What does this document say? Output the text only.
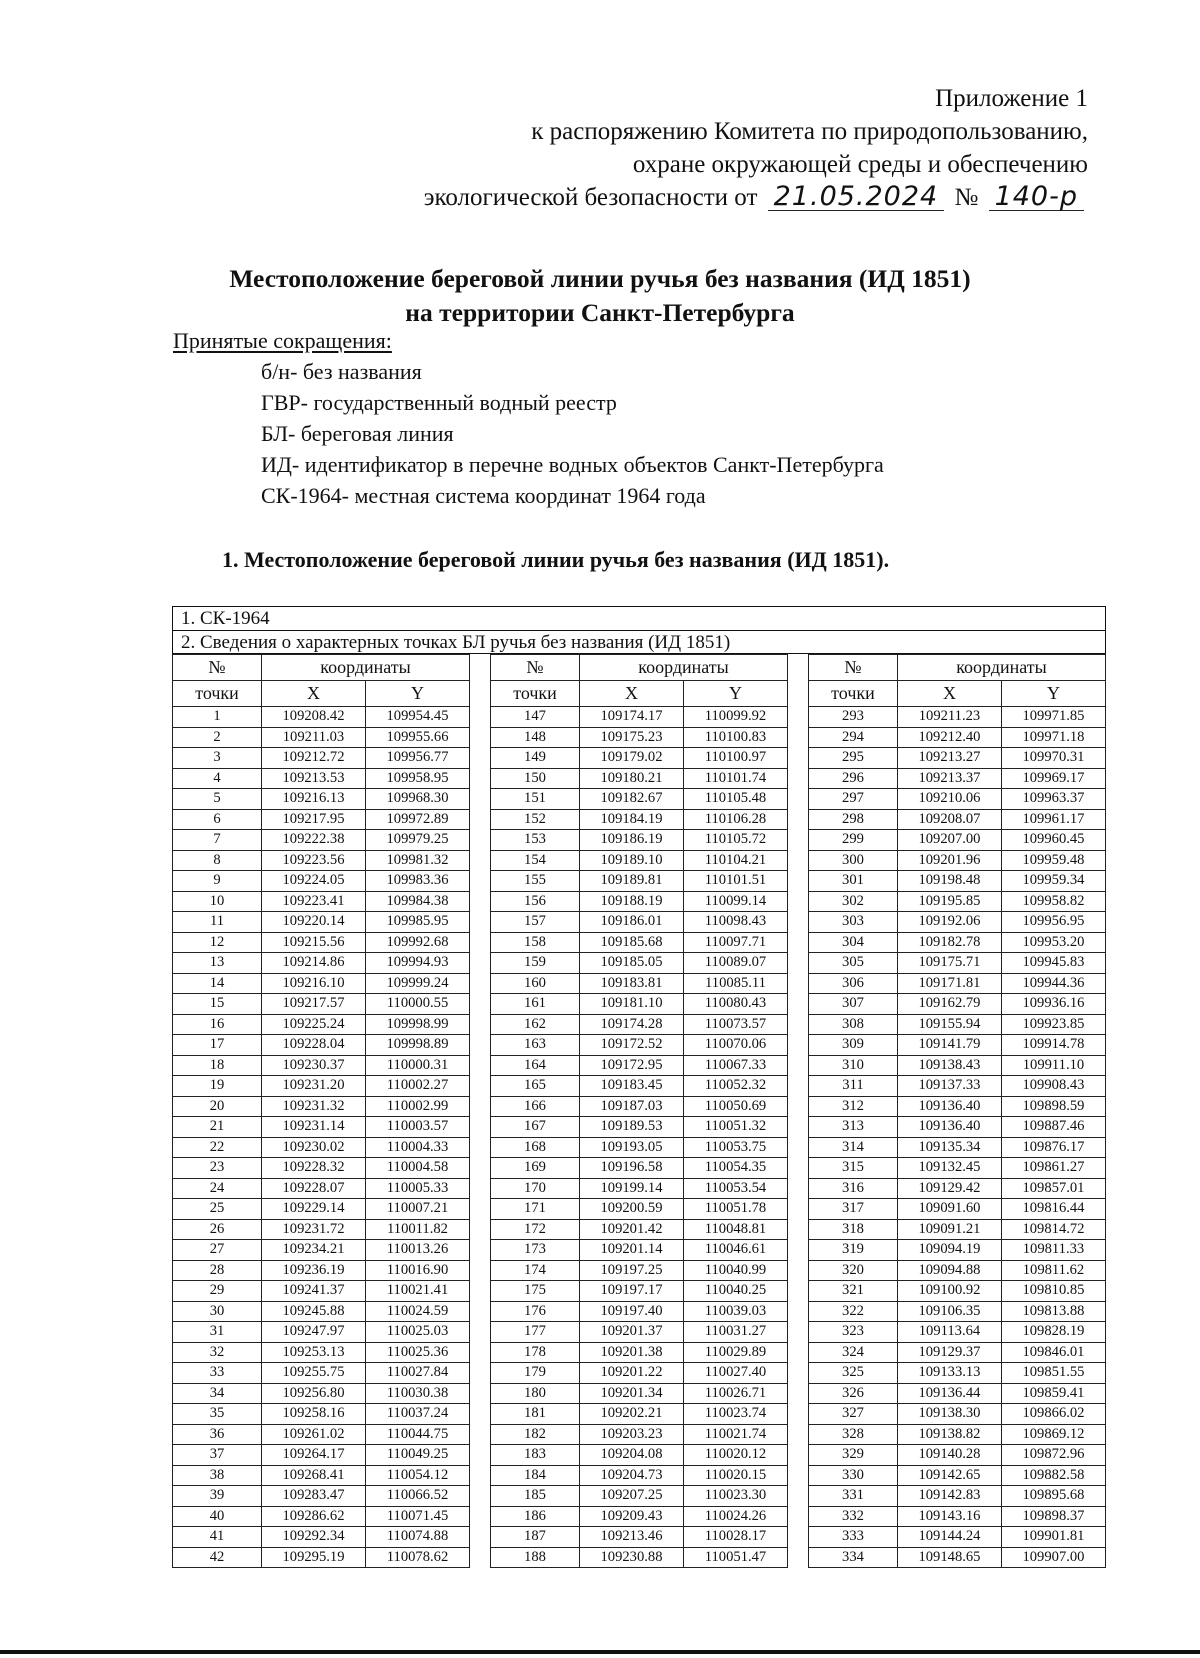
Приложение 1
к распоряжению Комитета по природопользованию,
охране окружающей среды и обеспечению
экологической безопасности от 21.05.2024 № 140-р
Местоположение береговой линии ручья без названия (ИД 1851)
на территории Санкт-Петербурга
Принятые сокращения:
б/н- без названия
ГВР- государственный водный реестр
БЛ- береговая линия
ИД- идентификатор в перечне водных объектов Санкт-Петербурга
СК-1964- местная система координат 1964 года
1. Местоположение береговой линии ручья без названия (ИД 1851).
1. СК-1964
2. Сведения о характерных точках БЛ ручья без названия (ИД 1851)
№	координаты	
точки	X	Y
1	109208.42	109954.45
2	109211.03	109955.66
3	109212.72	109956.77
4	109213.53	109958.95
5	109216.13	109968.30
6	109217.95	109972.89
7	109222.38	109979.25
8	109223.56	109981.32
9	109224.05	109983.36
10	109223.41	109984.38
11	109220.14	109985.95
12	109215.56	109992.68
13	109214.86	109994.93
14	109216.10	109999.24
15	109217.57	110000.55
16	109225.24	109998.99
17	109228.04	109998.89
18	109230.37	110000.31
19	109231.20	110002.27
20	109231.32	110002.99
21	109231.14	110003.57
22	109230.02	110004.33
23	109228.32	110004.58
24	109228.07	110005.33
25	109229.14	110007.21
26	109231.72	110011.82
27	109234.21	110013.26
28	109236.19	110016.90
29	109241.37	110021.41
30	109245.88	110024.59
31	109247.97	110025.03
32	109253.13	110025.36
33	109255.75	110027.84
34	109256.80	110030.38
35	109258.16	110037.24
36	109261.02	110044.75
37	109264.17	110049.25
38	109268.41	110054.12
39	109283.47	110066.52
40	109286.62	110071.45
41	109292.34	110074.88
42	109295.19	110078.62
№	координаты	
точки	X	Y
147	109174.17	110099.92
148	109175.23	110100.83
149	109179.02	110100.97
150	109180.21	110101.74
151	109182.67	110105.48
152	109184.19	110106.28
153	109186.19	110105.72
154	109189.10	110104.21
155	109189.81	110101.51
156	109188.19	110099.14
157	109186.01	110098.43
158	109185.68	110097.71
159	109185.05	110089.07
160	109183.81	110085.11
161	109181.10	110080.43
162	109174.28	110073.57
163	109172.52	110070.06
164	109172.95	110067.33
165	109183.45	110052.32
166	109187.03	110050.69
167	109189.53	110051.32
168	109193.05	110053.75
169	109196.58	110054.35
170	109199.14	110053.54
171	109200.59	110051.78
172	109201.42	110048.81
173	109201.14	110046.61
174	109197.25	110040.99
175	109197.17	110040.25
176	109197.40	110039.03
177	109201.37	110031.27
178	109201.38	110029.89
179	109201.22	110027.40
180	109201.34	110026.71
181	109202.21	110023.74
182	109203.23	110021.74
183	109204.08	110020.12
184	109204.73	110020.15
185	109207.25	110023.30
186	109209.43	110024.26
187	109213.46	110028.17
188	109230.88	110051.47
№	координаты	
точки	X	Y
293	109211.23	109971.85
294	109212.40	109971.18
295	109213.27	109970.31
296	109213.37	109969.17
297	109210.06	109963.37
298	109208.07	109961.17
299	109207.00	109960.45
300	109201.96	109959.48
301	109198.48	109959.34
302	109195.85	109958.82
303	109192.06	109956.95
304	109182.78	109953.20
305	109175.71	109945.83
306	109171.81	109944.36
307	109162.79	109936.16
308	109155.94	109923.85
309	109141.79	109914.78
310	109138.43	109911.10
311	109137.33	109908.43
312	109136.40	109898.59
313	109136.40	109887.46
314	109135.34	109876.17
315	109132.45	109861.27
316	109129.42	109857.01
317	109091.60	109816.44
318	109091.21	109814.72
319	109094.19	109811.33
320	109094.88	109811.62
321	109100.92	109810.85
322	109106.35	109813.88
323	109113.64	109828.19
324	109129.37	109846.01
325	109133.13	109851.55
326	109136.44	109859.41
327	109138.30	109866.02
328	109138.82	109869.12
329	109140.28	109872.96
330	109142.65	109882.58
331	109142.83	109895.68
332	109143.16	109898.37
333	109144.24	109901.81
334	109148.65	109907.00
